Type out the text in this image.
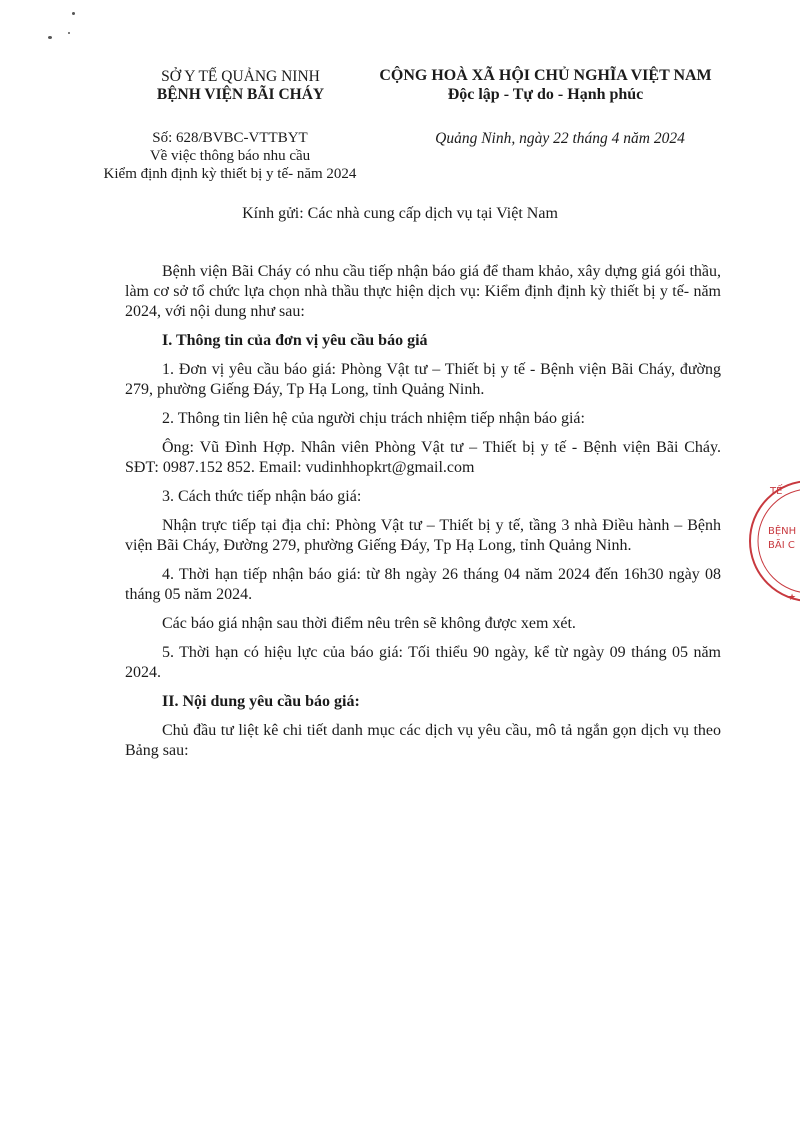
SỞ Y TẾ QUẢNG NINH
BỆNH VIỆN BÃI CHÁY
CỘNG HOÀ XÃ HỘI CHỦ NGHĨA VIỆT NAM
Độc lập - Tự do - Hạnh phúc
Số: 628/BVBC-VTTBYT
Về việc thông báo nhu cầu
Kiểm định định kỳ thiết bị y tế- năm 2024
Quảng Ninh, ngày 22 tháng 4 năm 2024
Kính gửi: Các nhà cung cấp dịch vụ tại Việt Nam

Bệnh viện Bãi Cháy có nhu cầu tiếp nhận báo giá để tham khảo, xây dựng giá gói thầu, làm cơ sở tổ chức lựa chọn nhà thầu thực hiện dịch vụ: Kiểm định định kỳ thiết bị y tế- năm 2024, với nội dung như sau:

I. Thông tin của đơn vị yêu cầu báo giá

1. Đơn vị yêu cầu báo giá: Phòng Vật tư – Thiết bị y tế - Bệnh viện Bãi Cháy, đường 279, phường Giếng Đáy, Tp Hạ Long, tỉnh Quảng Ninh.

2. Thông tin liên hệ của người chịu trách nhiệm tiếp nhận báo giá:

Ông: Vũ Đình Hợp. Nhân viên Phòng Vật tư – Thiết bị y tế - Bệnh viện Bãi Cháy. SĐT: 0987.152 852. Email: vudinhhopkrt@gmail.com

3. Cách thức tiếp nhận báo giá:

Nhận trực tiếp tại địa chỉ: Phòng Vật tư – Thiết bị y tế, tầng 3 nhà Điều hành – Bệnh viện Bãi Cháy, Đường 279, phường Giếng Đáy, Tp Hạ Long, tỉnh Quảng Ninh.

4. Thời hạn tiếp nhận báo giá: từ 8h ngày 26 tháng 04 năm 2024 đến 16h30 ngày 08 tháng 05 năm 2024.

Các báo giá nhận sau thời điểm nêu trên sẽ không được xem xét.

5. Thời hạn có hiệu lực của báo giá: Tối thiểu 90 ngày, kể từ ngày 09 tháng 05 năm 2024.

II. Nội dung yêu cầu báo giá:

Chủ đầu tư liệt kê chi tiết danh mục các dịch vụ yêu cầu, mô tả ngắn gọn dịch vụ theo Bảng sau:

TẾ
BỆNH
BÃI C
★
